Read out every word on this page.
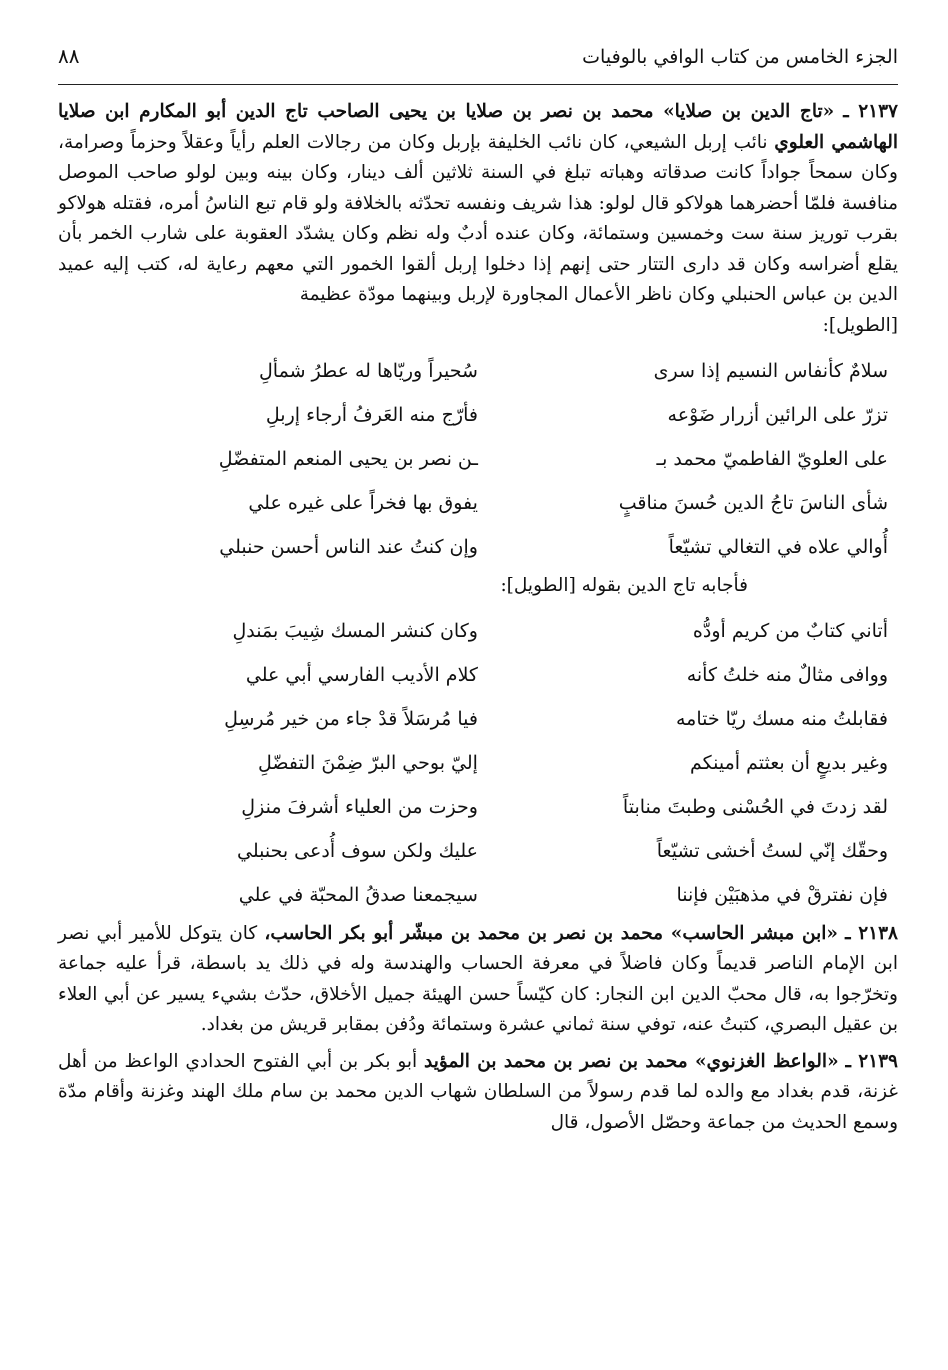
الجزء الخامس من كتاب الوافي بالوفيات
٨٨

٢١٣٧ ـ «تاج الدين بن صلايا» محمد بن نصر بن صلايا بن يحيى الصاحب تاج الدين أبو المكارم ابن صلايا الهاشمي العلوي نائب إربل الشيعي، كان نائب الخليفة بإربل وكان من رجالات العلم رأياً وعقلاً وحزماً وصرامة، وكان سمحاً جواداً كانت صدقاته وهباته تبلغ في السنة ثلاثين ألف دينار، وكان بينه وبين لولو صاحب الموصل منافسة فلمّا أحضرهما هولاكو قال لولو: هذا شريف ونفسه تحدّثه بالخلافة ولو قام تبع الناسُ أمره، فقتله هولاكو بقرب توريز سنة ست وخمسين وستمائة، وكان عنده أدبٌ وله نظم وكان يشدّد العقوبة على شارب الخمر بأن يقلع أضراسه وكان قد دارى التتار حتى إنهم إذا دخلوا إربل ألقوا الخمور التي معهم رعاية له، كتب إليه عميد الدين بن عباس الحنبلي وكان ناظر الأعمال المجاورة لإربل وبينهما مودّة عظيمة

[الطويل]:

سلامٌ كأنفاس النسيم إذا سرى
سُحيراً وريّاها له عطرُ شمألِ
تزرّ على الرائين أزرار ضَوْعه
فأرّج منه العَرفُ أرجاء إربلِ
على العلويّ الفاطميّ محمد بـ
ـن نصر بن يحيى المنعم المتفضّلِ
شأى الناسَ تاجُ الدين حُسنَ مناقبٍ
يفوق بها فخراً على غيره علي
أُوالي علاه في التغالي تشيّعاً
وإن كنتُ عند الناس أحسن حنبلي

فأجابه تاج الدين بقوله [الطويل]:

أتاني كتابٌ من كريم أودُّه
وكان كنشر المسك شِيبَ بمَندلِ
ووافى مثالٌ منه خلتُ كأنه
كلام الأديب الفارسي أبي علي
فقابلتُ منه مسك ريّا ختامه
فيا مُرسَلاً قدْ جاء من خير مُرسِلِ
وغير بديعٍ أن بعثتم أمينكم
إليّ بوحي البرّ ضِمْنَ التفضّلِ
لقد زدتَ في الحُسْنى وطبتَ منابتاً
وحزت من العلياء أشرفَ منزلِ
وحقّك إنّي لستُ أخشى تشيّعاً
عليك ولكن سوف أُدعى بحنبلي
فإن نفترقْ في مذهبَيْن فإننا
سيجمعنا صدقُ المحبّة في علي

٢١٣٨ ـ «ابن مبشر الحاسب» محمد بن نصر بن محمد بن مبشّر أبو بكر الحاسب، كان يتوكل للأمير أبي نصر ابن الإمام الناصر قديماً وكان فاضلاً في معرفة الحساب والهندسة وله في ذلك يد باسطة، قرأ عليه جماعة وتخرّجوا به، قال محبّ الدين ابن النجار: كان كيّساً حسن الهيئة جميل الأخلاق، حدّث بشيء يسير عن أبي العلاء بن عقيل البصري، كتبتُ عنه، توفي سنة ثماني عشرة وستمائة ودُفن بمقابر قريش من بغداد.

٢١٣٩ ـ «الواعظ الغزنوي» محمد بن نصر بن محمد بن المؤيد أبو بكر بن أبي الفتوح الحدادي الواعظ من أهل غزنة، قدم بغداد مع والده لما قدم رسولاً من السلطان شهاب الدين محمد بن سام ملك الهند وغزنة وأقام مدّة وسمع الحديث من جماعة وحصّل الأصول، قال
